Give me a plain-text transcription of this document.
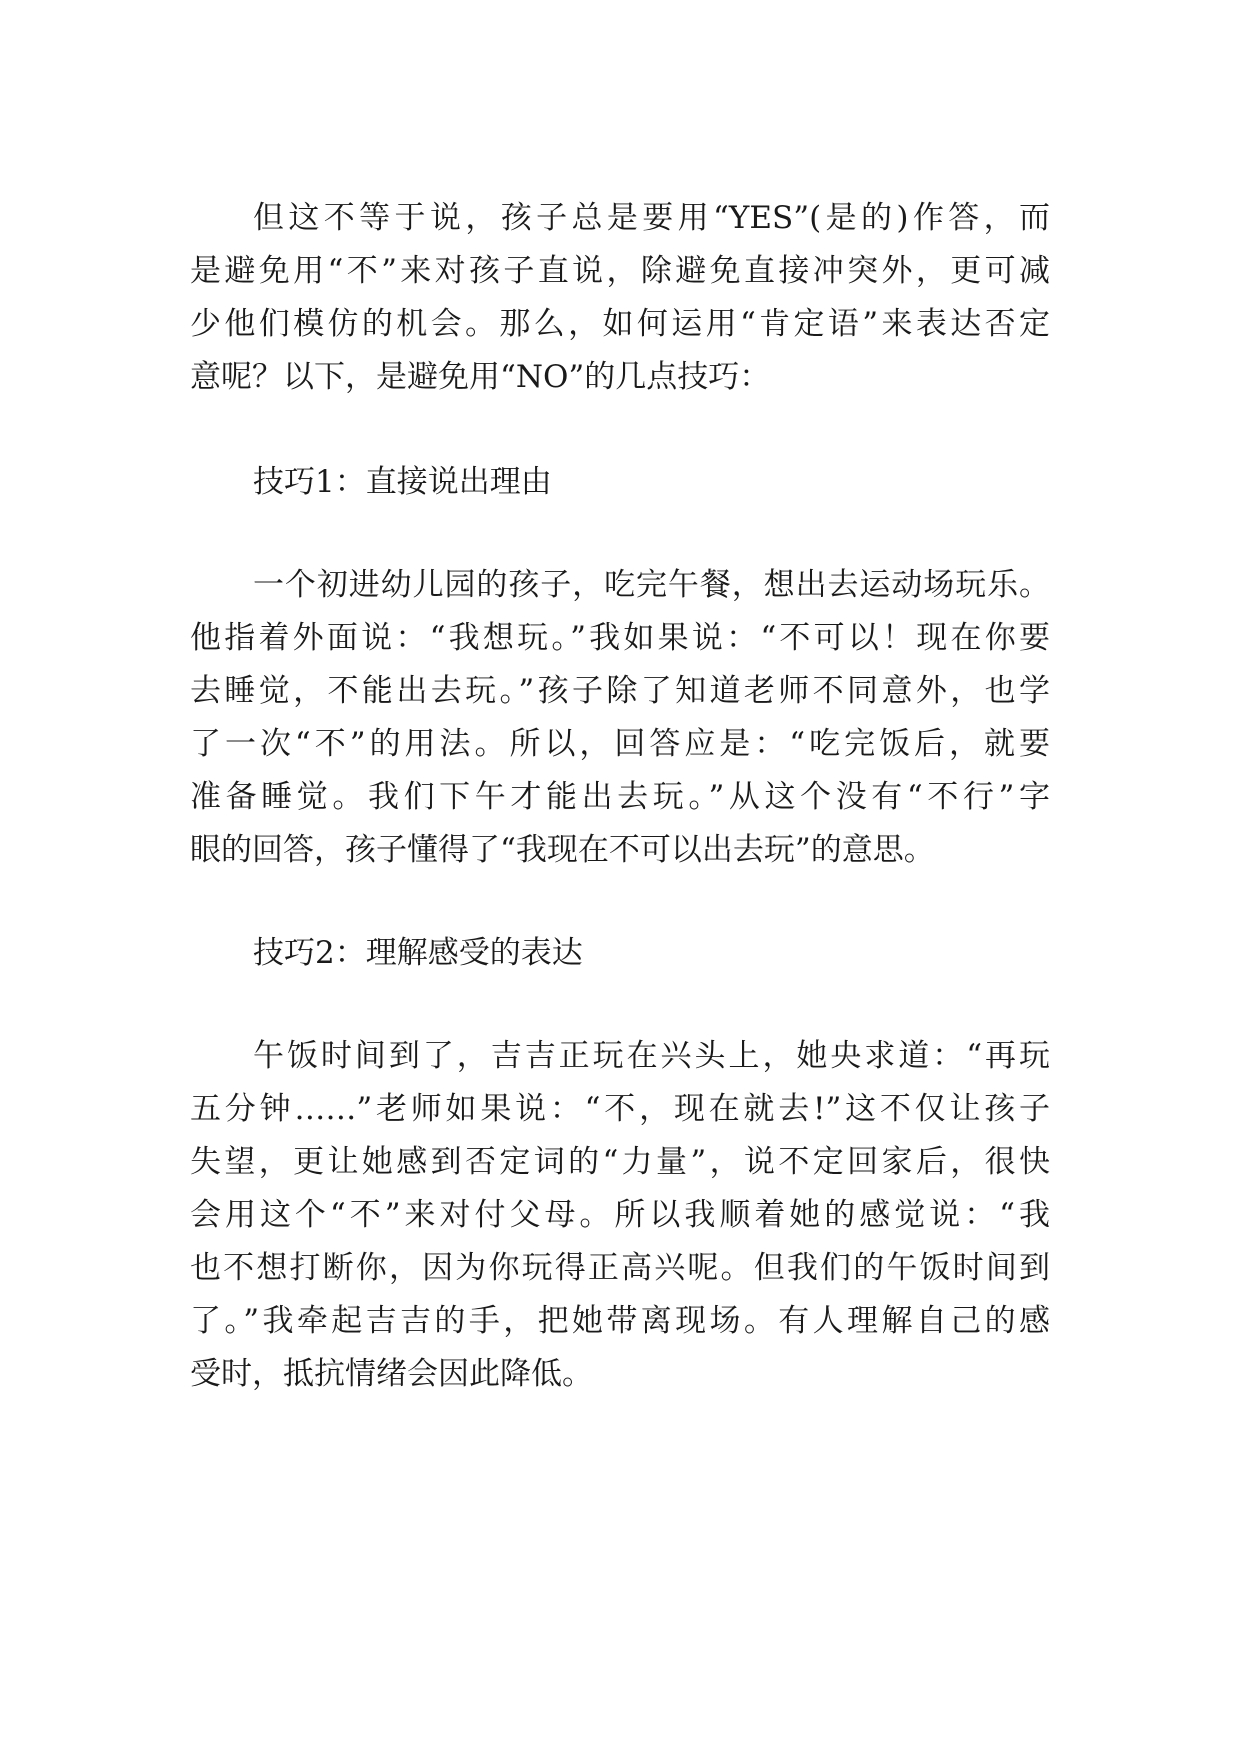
但这不等于说，孩子总是要用“YES”(是的)作答，而
是避免用“不”来对孩子直说，除避免直接冲突外，更可减
少他们模仿的机会。那么，如何运用“肯定语”来表达否定
意呢？以下，是避免用“NO”的几点技巧：
技巧1：直接说出理由
一个初进幼儿园的孩子，吃完午餐，想出去运动场玩乐。
他指着外面说：“我想玩。”我如果说：“不可以！现在你要
去睡觉，不能出去玩。”孩子除了知道老师不同意外，也学
了一次“不”的用法。所以，回答应是：“吃完饭后，就要
准备睡觉。我们下午才能出去玩。”从这个没有“不行”字
眼的回答，孩子懂得了“我现在不可以出去玩”的意思。
技巧2：理解感受的表达
午饭时间到了，吉吉正玩在兴头上，她央求道：“再玩
五分钟……”老师如果说：“不，现在就去!”这不仅让孩子
失望，更让她感到否定词的“力量”，说不定回家后，很快
会用这个“不”来对付父母。所以我顺着她的感觉说：“我
也不想打断你，因为你玩得正高兴呢。但我们的午饭时间到
了。”我牵起吉吉的手，把她带离现场。有人理解自己的感
受时，抵抗情绪会因此降低。
